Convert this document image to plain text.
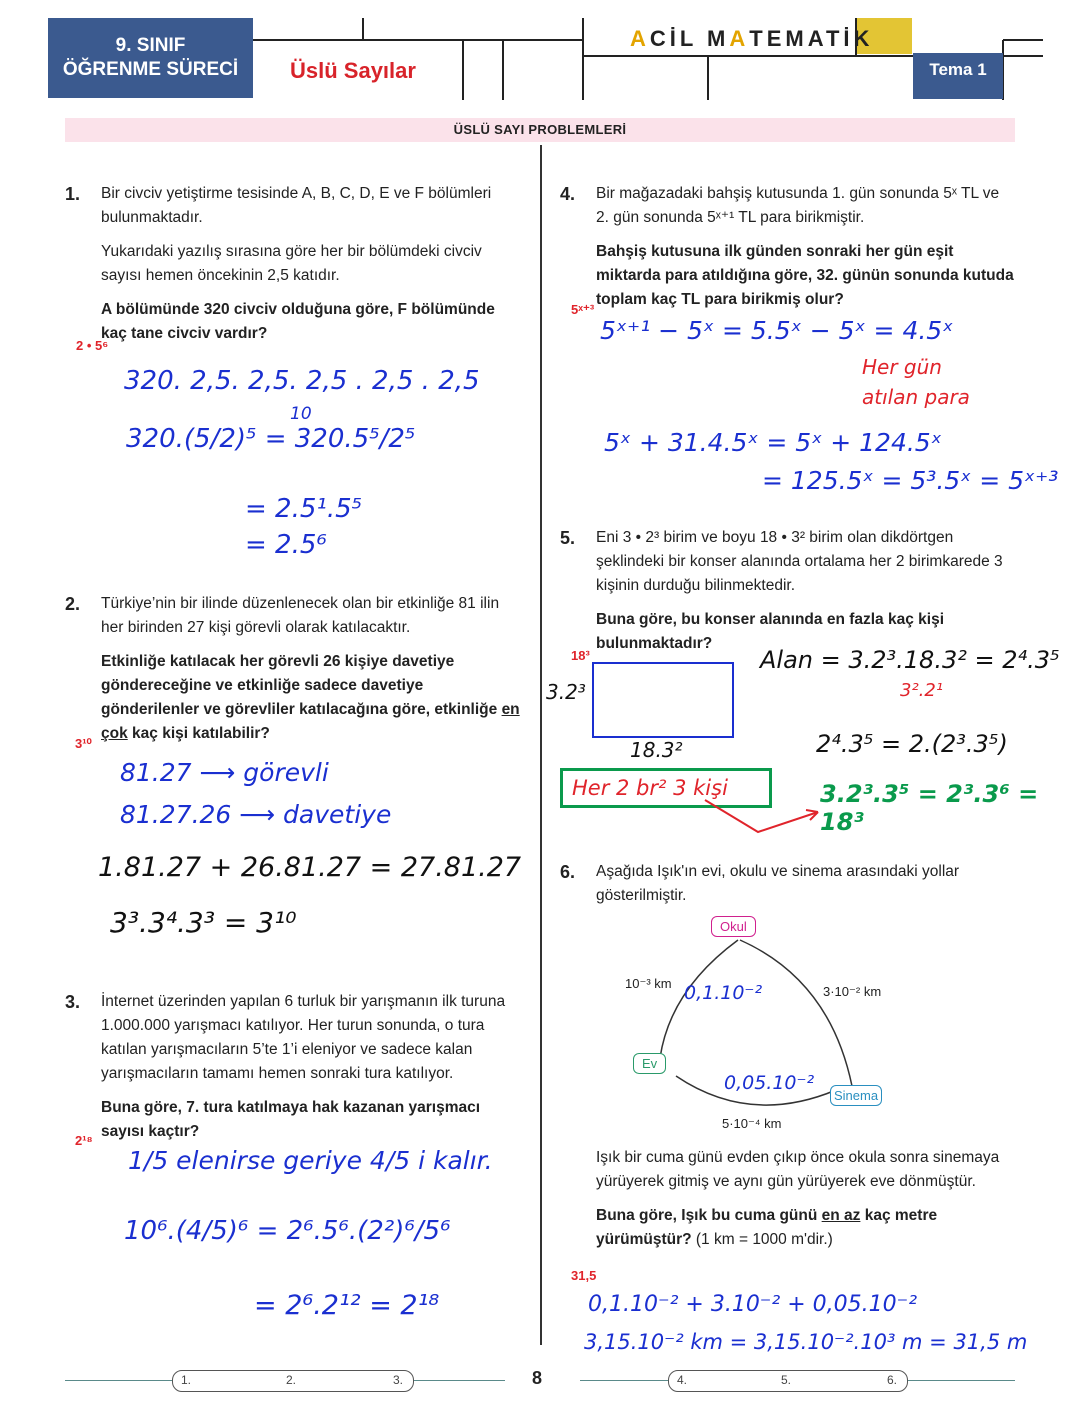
9. SINIF
ÖĞRENME SÜRECİ	Üslü Sayılar
ACİL MATEMATİK
Tema 1
ÜSLÜ SAYI PROBLEMLERİ
1. Bir civciv yetiştirme tesisinde A, B, C, D, E ve F bölümleri bulunmaktadır.

Yukarıdaki yazılış sırasına göre her bir bölümdeki civciv sayısı hemen öncekinin 2,5 katıdır.

A bölümünde 320 civciv olduğuna göre, F bölümünde kaç tane civciv vardır?

2 • 5⁶
320. 2,5. 2,5. 2,5 . 2,5 . 2,5
10
320.(5/2)⁵ = 320.5⁵/2⁵
= 2.5¹.5⁵
= 2.5⁶
2. Türkiye’nin bir ilinde düzenlenecek olan bir etkinliğe 81 ilin her birinden 27 kişi görevli olarak katılacaktır.

Etkinliğe katılacak her görevli 26 kişiye davetiye göndereceğine ve etkinliğe sadece davetiye gönderilenler ve görevliler katılacağına göre, etkinliğe en çok kaç kişi katılabilir?

3¹⁰
81.27 ⟶ görevli
81.27.26 ⟶ davetiye
1.81.27 + 26.81.27 = 27.81.27
3³.3⁴.3³ = 3¹⁰
3. İnternet üzerinden yapılan 6 turluk bir yarışmanın ilk turuna 1.000.000 yarışmacı katılıyor. Her turun sonunda, o tura katılan yarışmacıların 5’te 1’i eleniyor ve sadece kalan yarışmacıların tamamı hemen sonraki tura katılıyor.

Buna göre, 7. tura katılmaya hak kazanan yarışmacı sayısı kaçtır?

2¹⁸
1/5 elenirse geriye 4/5 i kalır.
10⁶.(4/5)⁶ = 2⁶.5⁶.(2²)⁶/5⁶
= 2⁶.2¹² = 2¹⁸
4. Bir mağazadaki bahşiş kutusunda 1. gün sonunda 5ˣ TL ve 2. gün sonunda 5ˣ⁺¹ TL para birikmiştir.

Bahşiş kutusuna ilk günden sonraki her gün eşit miktarda para atıldığına göre, 32. günün sonunda kutuda toplam kaç TL para birikmiş olur?

5ˣ⁺³
5ˣ⁺¹ − 5ˣ = 5.5ˣ − 5ˣ = 4.5ˣ
Her gün atılan para
5ˣ + 31.4.5ˣ = 5ˣ + 124.5ˣ
= 125.5ˣ = 5³.5ˣ = 5ˣ⁺³
5. Eni 3 • 2³ birim ve boyu 18 • 3² birim olan dikdörtgen şeklindeki bir konser alanında ortalama her 2 birimkarede 3 kişinin durduğu bilinmektedir.

Buna göre, bu konser alanında en fazla kaç kişi bulunmaktadır?

18³
3.2³
18.3²
Her 2 br² 3 kişi
Alan = 3.2³.18.3² = 2⁴.3⁵
3².2¹
2⁴.3⁵ = 2.(2³.3⁵)
3.2³.3⁵ = 2³.3⁶ = 18³
6. Aşağıda Işık'ın evi, okulu ve sinema arasındaki yollar gösterilmiştir.

Okul
Ev
Sinema
10⁻³ km
3·10⁻² km
5·10⁻⁴ km
0,1.10⁻²
0,05.10⁻²

Işık bir cuma günü evden çıkıp önce okula sonra sinemaya yürüyerek gitmiş ve aynı gün yürüyerek eve dönmüştür.

Buna göre, Işık bu cuma günü en az kaç metre yürümüştür? (1 km = 1000 m'dir.)

31,5
0,1.10⁻² + 3.10⁻² + 0,05.10⁻²
3,15.10⁻² km = 3,15.10⁻².10³ m = 31,5 m
1.	2.	3.	4.	5.	6.
8
